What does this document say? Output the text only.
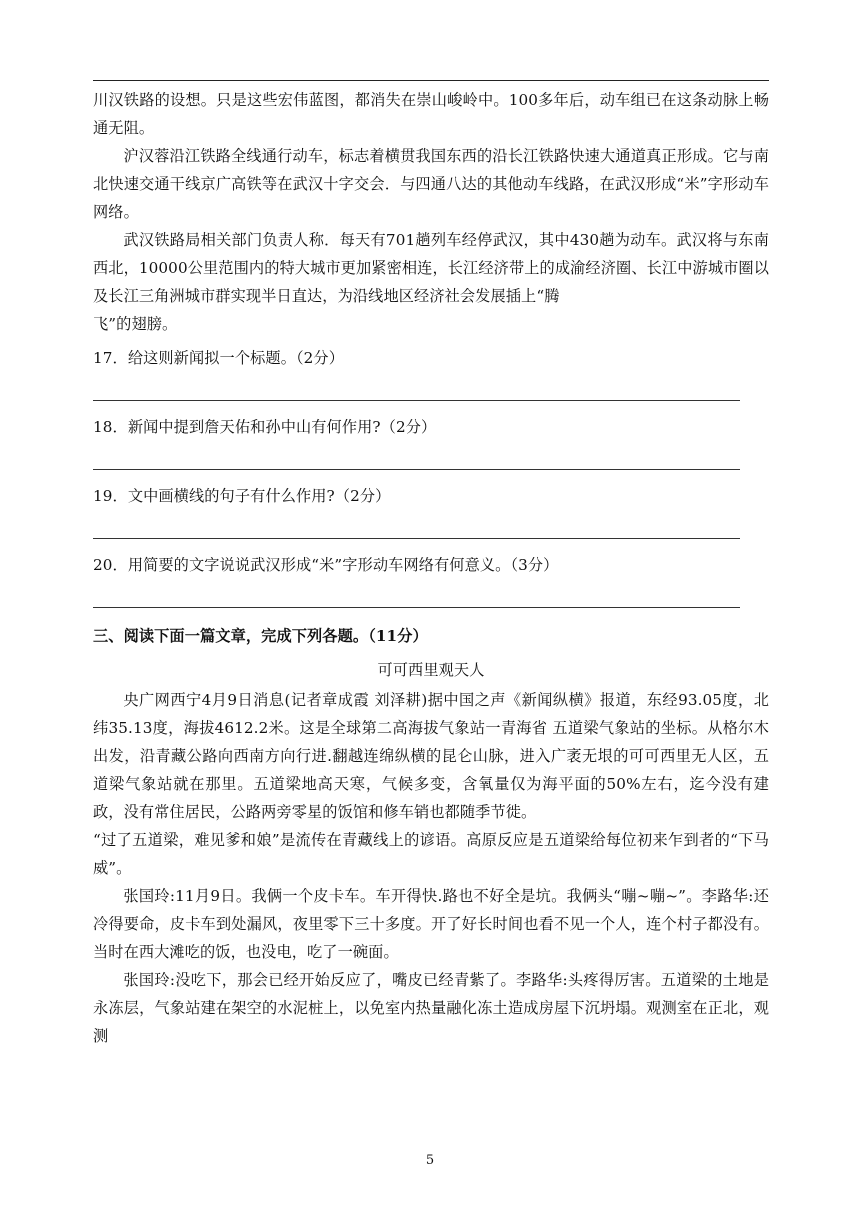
川汉铁路的设想。只是这些宏伟蓝图，都消失在崇山峻岭中。100多年后，动车组已在这条动脉上畅通无阻。

沪汉蓉沿江铁路全线通行动车，标志着横贯我国东西的沿长江铁路快速大通道真正形成。它与南北快速交通干线京广高铁等在武汉十字交会．与四通八达的其他动车线路，在武汉形成“米”字形动车网络。

武汉铁路局相关部门负责人称．每天有701趟列车经停武汉，其中430趟为动车。武汉将与东南西北，10000公里范围内的特大城市更加紧密相连，长江经济带上的成渝经济圈、长江中游城市圈以及长江三角洲城市群实现半日直达，为沿线地区经济社会发展插上“腾

飞”的翅膀。

17．给这则新闻拟一个标题。（2分）

18．新闻中提到詹天佑和孙中山有何作用?（2分）

19．文中画横线的句子有什么作用?（2分）

20．用简要的文字说说武汉形成“米”字形动车网络有何意义。（3分）

三、阅读下面一篇文章，完成下列各题。（11分）

可可西里观天人

央广网西宁4月9日消息(记者章成霞 刘泽耕)据中国之声《新闻纵横》报道，东经93.05度，北纬35.13度，海拔4612.2米。这是全球第二高海拔气象站一青海省 五道梁气象站的坐标。从格尔木出发，沿青藏公路向西南方向行进.翻越连绵纵横的昆仑山脉，进入广袤无垠的可可西里无人区，五道梁气象站就在那里。五道梁地高天寒，气候多变，含氧量仅为海平面的50%左右，迄今没有建政，没有常住居民，公路两旁零星的饭馆和修车销也都随季节徙。

“过了五道梁，难见爹和娘”是流传在青藏线上的谚语。高原反应是五道梁给每位初来乍到者的“下马威”。

张国玲:11月9日。我俩一个皮卡车。车开得快.路也不好全是坑。我俩头“嘣~嘣~”。李路华:还冷得要命，皮卡车到处漏风，夜里零下三十多度。开了好长时间也看不见一个人，连个村子都没有。当时在西大滩吃的饭，也没电，吃了一碗面。

张国玲:没吃下，那会已经开始反应了，嘴皮已经青紫了。李路华:头疼得厉害。五道梁的土地是永冻层，气象站建在架空的水泥桩上，以免室内热量融化冻土造成房屋下沉坍塌。观测室在正北，观测

5
